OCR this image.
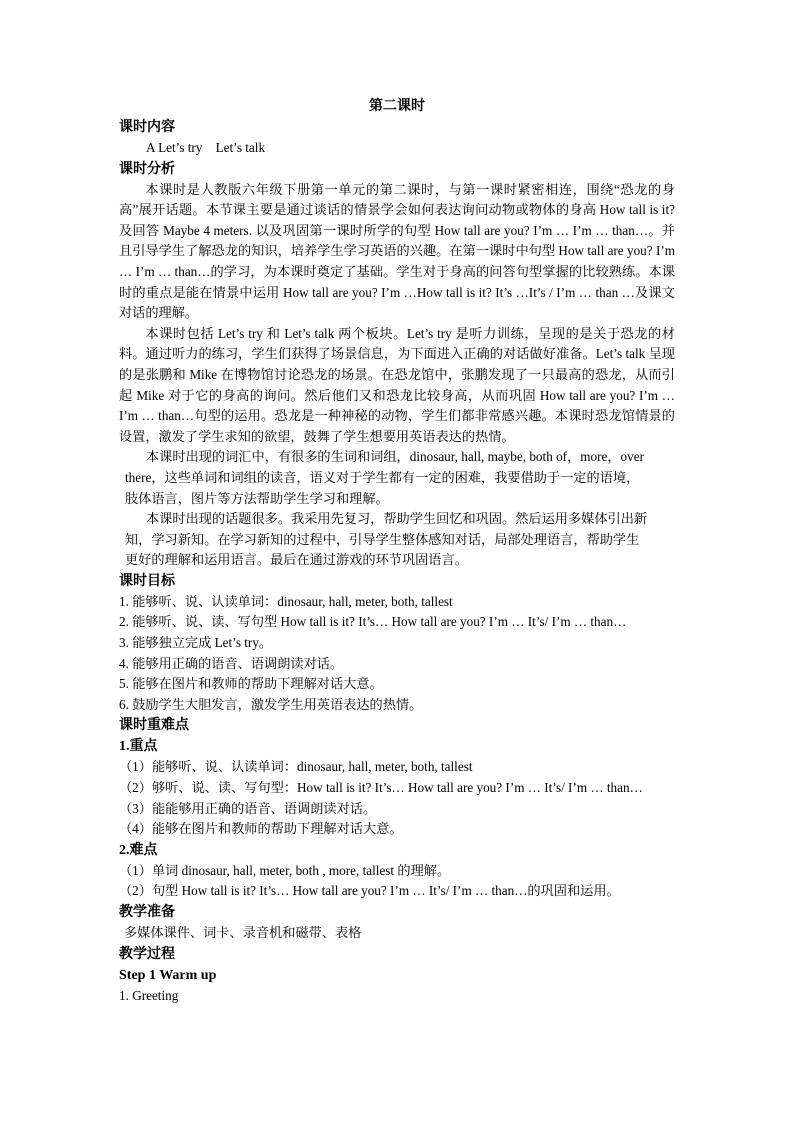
第二课时
课时内容
A Let’s try    Let’s talk
课时分析

本课时是人教版六年级下册第一单元的第二课时，与第一课时紧密相连，围绕“恐龙的身高”展开话题。本节课主要是通过谈话的情景学会如何表达询问动物或物体的身高 How tall is it? 及回答 Maybe 4 meters. 以及巩固第一课时所学的句型 How tall are you? I’m … I’m … than…。并且引导学生了解恐龙的知识，培养学生学习英语的兴趣。在第一课时中句型 How tall are you? I’m … I’m … than…的学习，为本课时奠定了基础。学生对于身高的问答句型掌握的比较熟练。本课时的重点是能在情景中运用 How tall are you? I’m …How tall is it? It’s …It’s / I’m … than …及课文对话的理解。

本课时包括 Let’s try 和 Let’s talk 两个板块。Let’s try 是听力训练，呈现的是关于恐龙的材料。通过听力的练习，学生们获得了场景信息，为下面进入正确的对话做好准备。Let’s talk 呈现的是张鹏和 Mike 在博物馆讨论恐龙的场景。在恐龙馆中，张鹏发现了一只最高的恐龙，从而引起 Mike 对于它的身高的询问。然后他们又和恐龙比较身高，从而巩固 How tall are you? I’m … I’m … than…句型的运用。恐龙是一种神秘的动物，学生们都非常感兴趣。本课时恐龙馆情景的设置，激发了学生求知的欲望，鼓舞了学生想要用英语表达的热情。

本课时出现的词汇中，有很多的生词和词组，dinosaur, hall, maybe, both of，more，over
there，这些单词和词组的读音，语义对于学生都有一定的困难，我要借助于一定的语境，
肢体语言，图片等方法帮助学生学习和理解。
本课时出现的话题很多。我采用先复习，帮助学生回忆和巩固。然后运用多媒体引出新
知，学习新知。在学习新知的过程中，引导学生整体感知对话，局部处理语言，帮助学生
更好的理解和运用语言。最后在通过游戏的环节巩固语言。
课时目标
1. 能够听、说、认读单词：dinosaur, hall, meter, both, tallest
2. 能够听、说、读、写句型 How tall is it? It’s… How tall are you? I’m … It’s/ I’m … than…
3. 能够独立完成 Let’s try。
4. 能够用正确的语音、语调朗读对话。
5. 能够在图片和教师的帮助下理解对话大意。
6. 鼓励学生大胆发言，激发学生用英语表达的热情。
课时重难点
1.重点
（1）能够听、说、认读单词：dinosaur, hall, meter, both, tallest
（2）够听、说、读、写句型：How tall is it? It’s… How tall are you? I’m … It’s/ I’m … than…
（3）能能够用正确的语音、语调朗读对话。
（4）能够在图片和教师的帮助下理解对话大意。
2.难点
（1）单词 dinosaur, hall, meter, both , more, tallest 的理解。
（2）句型 How tall is it? It’s… How tall are you? I’m … It’s/ I’m … than…的巩固和运用。
教学准备
多媒体课件、词卡、录音机和磁带、表格
教学过程
Step 1 Warm up
1. Greeting
